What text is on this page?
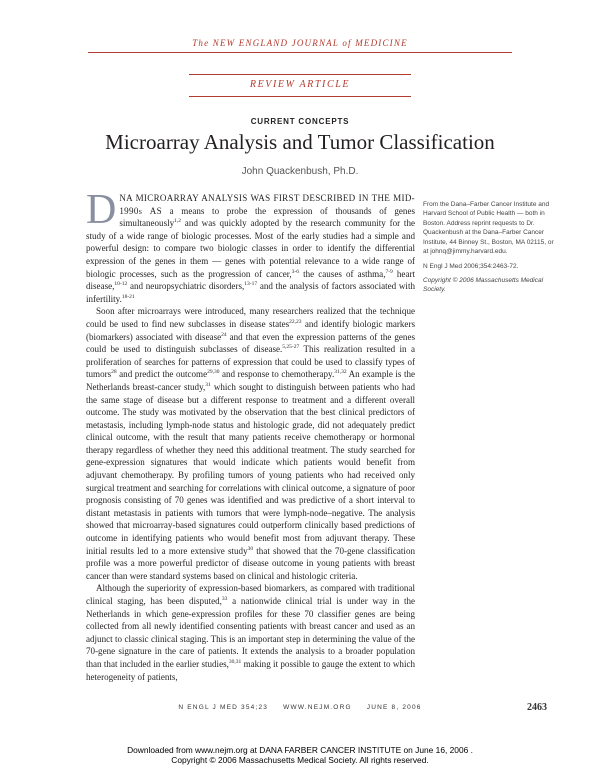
The NEW ENGLAND JOURNAL of MEDICINE
REVIEW ARTICLE
CURRENT CONCEPTS
Microarray Analysis and Tumor Classification
John Quackenbush, Ph.D.

DNA MICROARRAY ANALYSIS WAS FIRST DESCRIBED IN THE MID-1990s AS a means to probe the expression of thousands of genes simultaneously$^{1,2}$ and was quickly adopted by the research community for the study of a wide range of biologic processes. Most of the early studies had a simple and powerful design: to compare two biologic classes in order to identify the differential expression of the genes in them — genes with potential relevance to a wide range of biologic processes, such as the progression of cancer,$^{3-6}$ the causes of asthma,$^{7-9}$ heart disease,$^{10-12}$ and neuropsychiatric disorders,$^{13-17}$ and the analysis of factors associated with infertility.$^{18-21}$

Soon after microarrays were introduced, many researchers realized that the technique could be used to find new subclasses in disease states$^{22,23}$ and identify biologic markers (biomarkers) associated with disease$^{24}$ and that even the expression patterns of the genes could be used to distinguish subclasses of disease.$^{5,25-27}$ This realization resulted in a proliferation of searches for patterns of expression that could be used to classify types of tumors$^{28}$ and predict the outcome$^{29,30}$ and response to chemotherapy.$^{31,32}$ An example is the Netherlands breast-cancer study,$^{31}$ which sought to distinguish between patients who had the same stage of disease but a different response to treatment and a different overall outcome. The study was motivated by the observation that the best clinical predictors of metastasis, including lymph-node status and histologic grade, did not adequately predict clinical outcome, with the result that many patients receive chemotherapy or hormonal therapy regardless of whether they need this additional treatment. The study searched for gene-expression signatures that would indicate which patients would benefit from adjuvant chemotherapy. By profiling tumors of young patients who had received only surgical treatment and searching for correlations with clinical outcome, a signature of poor prognosis consisting of 70 genes was identified and was predictive of a short interval to distant metastasis in patients with tumors that were lymph-node–negative. The analysis showed that microarray-based signatures could outperform clinically based predictions of outcome in identifying patients who would benefit most from adjuvant therapy. These initial results led to a more extensive study$^{30}$ that showed that the 70-gene classification profile was a more powerful predictor of disease outcome in young patients with breast cancer than were standard systems based on clinical and histologic criteria.

Although the superiority of expression-based biomarkers, as compared with traditional clinical staging, has been disputed,$^{33}$ a nationwide clinical trial is under way in the Netherlands in which gene-expression profiles for these 70 classifier genes are being collected from all newly identified consenting patients with breast cancer and used as an adjunct to classic clinical staging. This is an important step in determining the value of the 70-gene signature in the care of patients. It extends the analysis to a broader population than that included in the earlier studies,$^{30,31}$ making it possible to gauge the extent to which heterogeneity of patients,

From the Dana–Farber Cancer Institute and Harvard School of Public Health — both in Boston. Address reprint requests to Dr. Quackenbush at the Dana–Farber Cancer Institute, 44 Binney St., Boston, MA 02115, or at johnq@jimmy.harvard.edu.

N Engl J Med 2006;354:2463-72.

Copyright © 2006 Massachusetts Medical Society.

N ENGL J MED 354;23     WWW.NEJM.ORG     JUNE 8, 2006	2463
Downloaded from www.nejm.org at DANA FARBER CANCER INSTITUTE on June 16, 2006 .
Copyright © 2006 Massachusetts Medical Society. All rights reserved.
